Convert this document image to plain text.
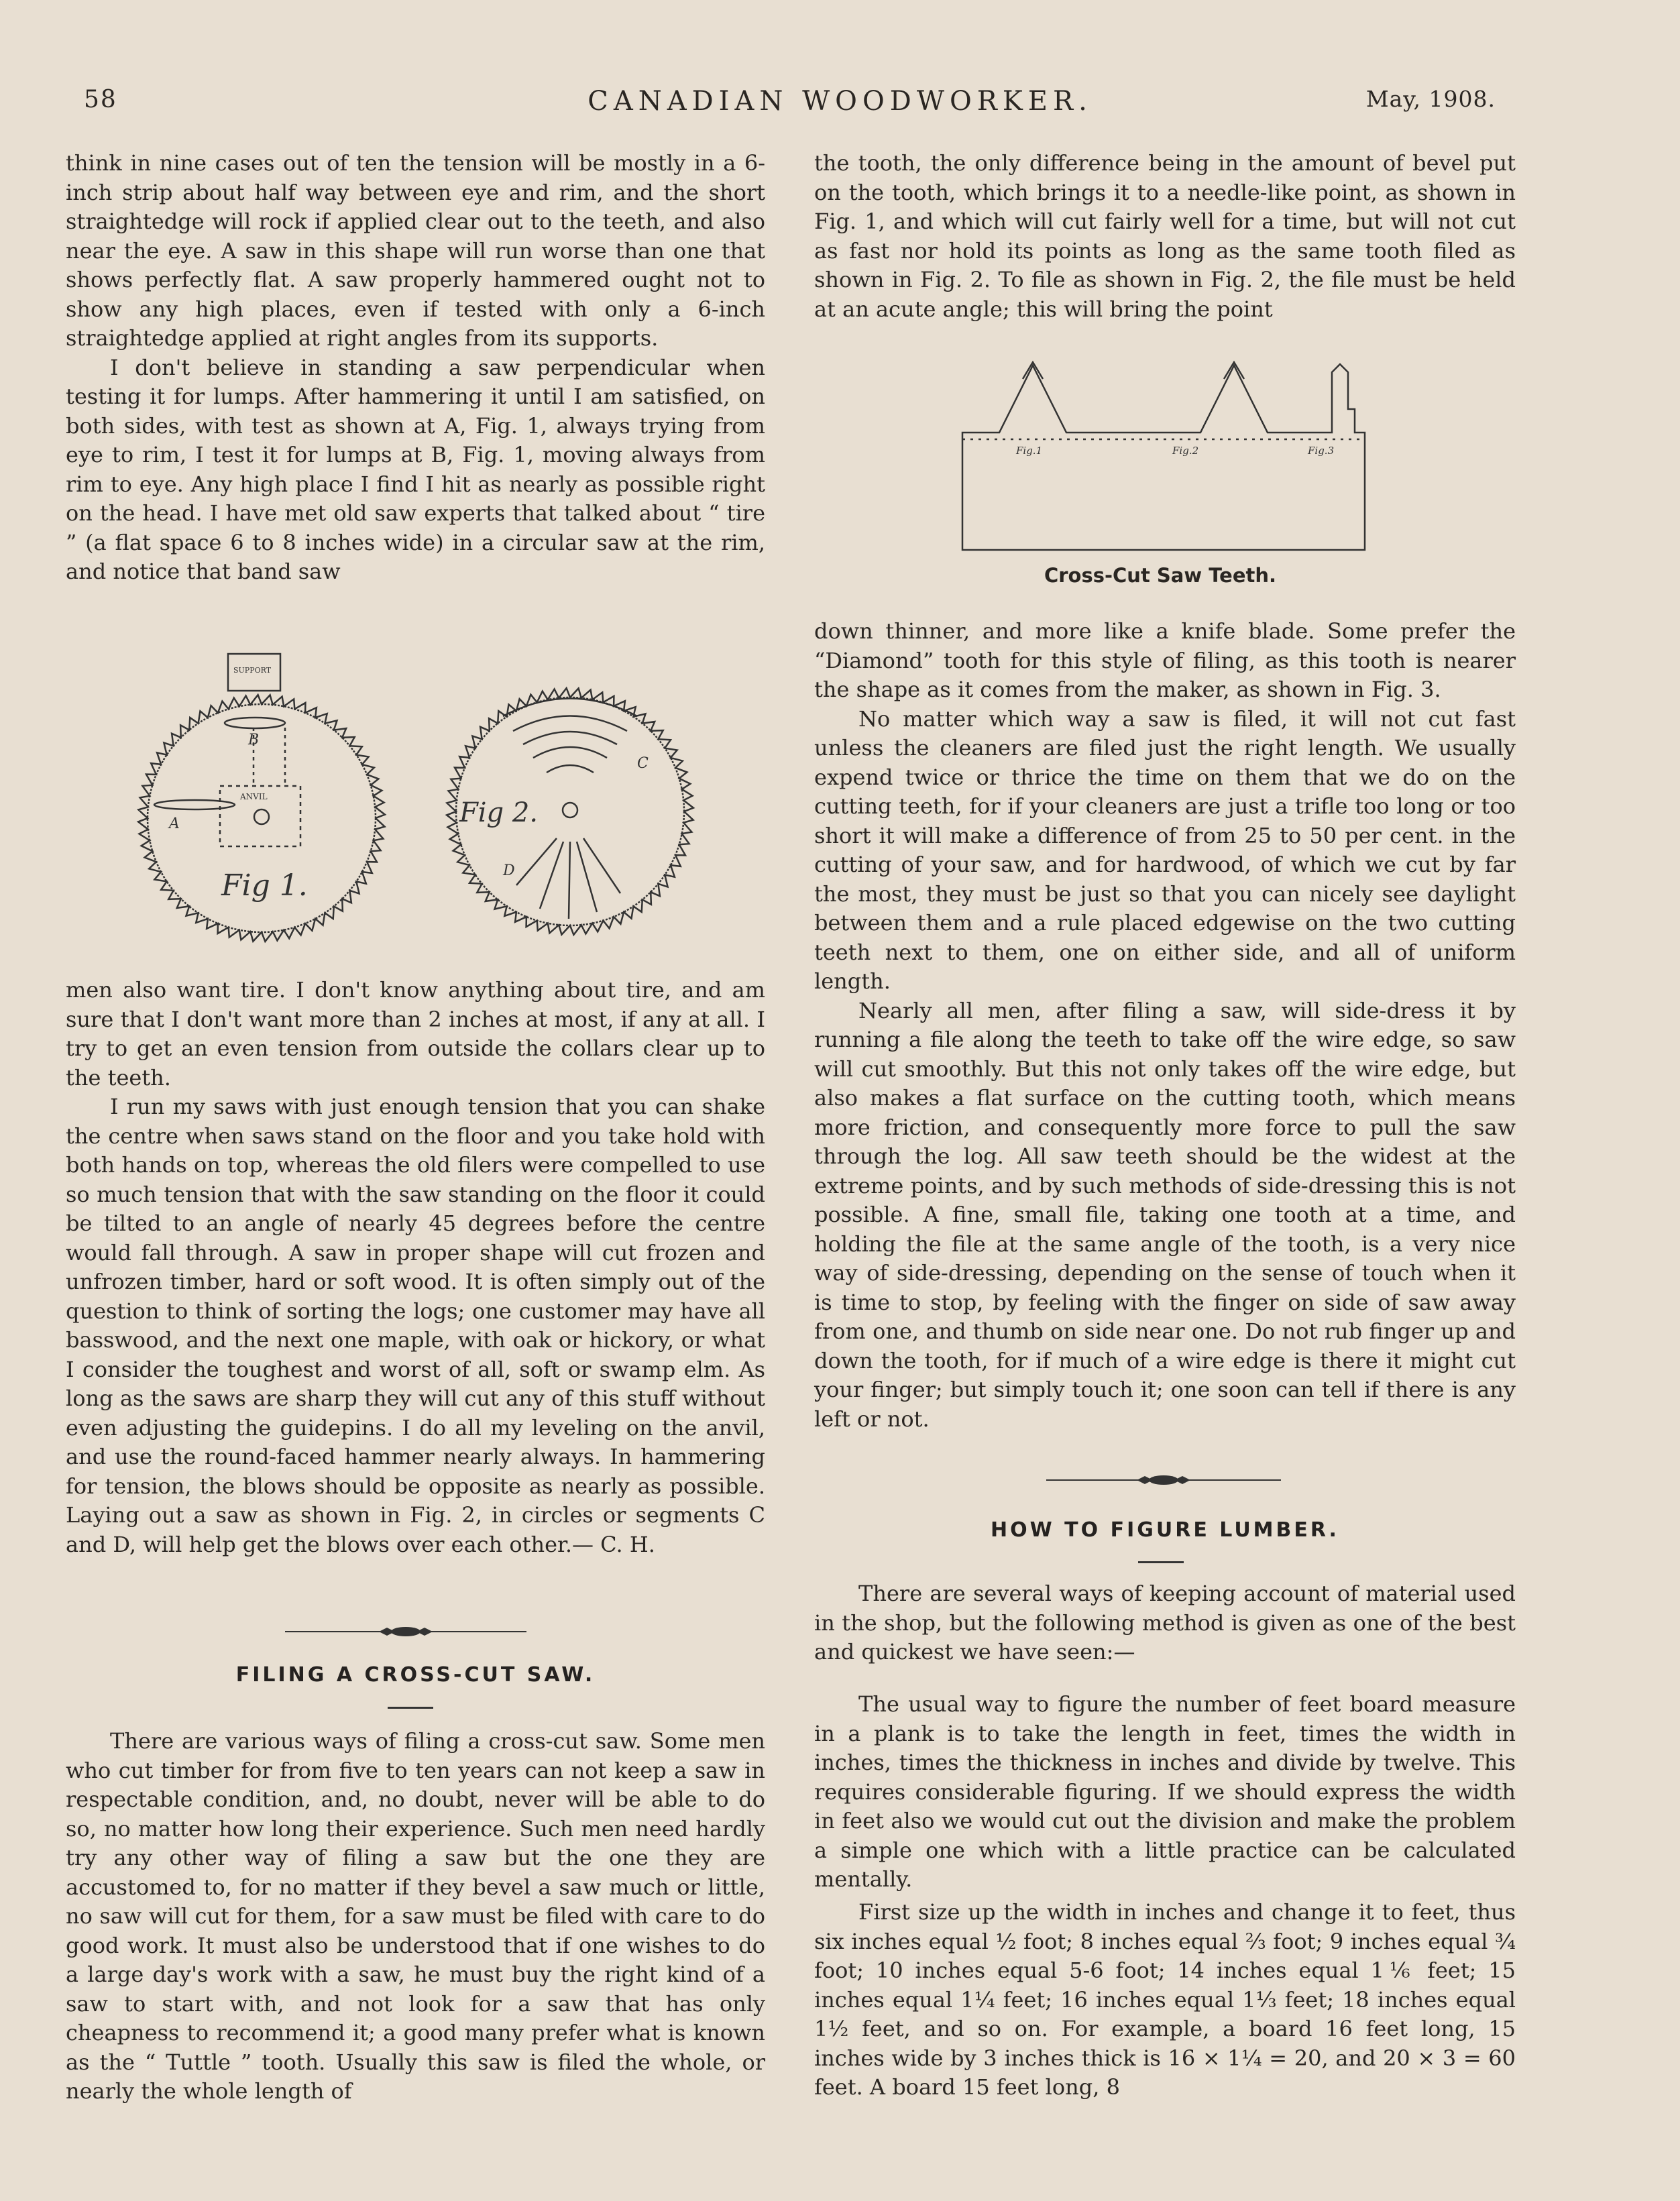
58	CANADIAN WOODWORKER.	May, 1908.

think in nine cases out of ten the tension will be mostly in a 6-inch strip about half way between eye and rim, and the short straightedge will rock if applied clear out to the teeth, and also near the eye. A saw in this shape will run worse than one that shows perfectly flat. A saw properly hammered ought not to show any high places, even if tested with only a 6-inch straightedge applied at right angles from its supports.

I don't believe in standing a saw perpendicular when testing it for lumps. After hammering it until I am satisfied, on both sides, with test as shown at A, Fig. 1, always trying from eye to rim, I test it for lumps at B, Fig. 1, moving always from rim to eye. Any high place I find I hit as nearly as possible right on the head. I have met old saw experts that talked about “ tire ” (a flat space 6 to 8 inches wide) in a circular saw at the rim, and notice that band saw

SUPPORT
B
ANVIL
A
Fig 1.
Fig 2.
C
D

men also want tire. I don't know anything about tire, and am sure that I don't want more than 2 inches at most, if any at all. I try to get an even tension from outside the collars clear up to the teeth.

I run my saws with just enough tension that you can shake the centre when saws stand on the floor and you take hold with both hands on top, whereas the old filers were compelled to use so much tension that with the saw standing on the floor it could be tilted to an angle of nearly 45 degrees before the centre would fall through. A saw in proper shape will cut frozen and unfrozen timber, hard or soft wood. It is often simply out of the question to think of sorting the logs; one customer may have all basswood, and the next one maple, with oak or hickory, or what I consider the toughest and worst of all, soft or swamp elm. As long as the saws are sharp they will cut any of this stuff without even adjusting the guidepins. I do all my leveling on the anvil, and use the round-faced hammer nearly always. In hammering for tension, the blows should be opposite as nearly as possible. Laying out a saw as shown in Fig. 2, in circles or segments C and D, will help get the blows over each other.— C. H.

FILING A CROSS-CUT SAW.

There are various ways of filing a cross-cut saw. Some men who cut timber for from five to ten years can not keep a saw in respectable condition, and, no doubt, never will be able to do so, no matter how long their experience. Such men need hardly try any other way of filing a saw but the one they are accustomed to, for no matter if they bevel a saw much or little, no saw will cut for them, for a saw must be filed with care to do good work. It must also be understood that if one wishes to do a large day's work with a saw, he must buy the right kind of a saw to start with, and not look for a saw that has only cheapness to recommend it; a good many prefer what is known as the “ Tuttle ” tooth. Usually this saw is filed the whole, or nearly the whole length of

the tooth, the only difference being in the amount of bevel put on the tooth, which brings it to a needle-like point, as shown in Fig. 1, and which will cut fairly well for a time, but will not cut as fast nor hold its points as long as the same tooth filed as shown in Fig. 2. To file as shown in Fig. 2, the file must be held at an acute angle; this will bring the point

Fig.1	Fig.2	Fig.3
Cross-Cut Saw Teeth.

down thinner, and more like a knife blade. Some prefer the “Diamond” tooth for this style of filing, as this tooth is nearer the shape as it comes from the maker, as shown in Fig. 3.

No matter which way a saw is filed, it will not cut fast unless the cleaners are filed just the right length. We usually expend twice or thrice the time on them that we do on the cutting teeth, for if your cleaners are just a trifle too long or too short it will make a difference of from 25 to 50 per cent. in the cutting of your saw, and for hardwood, of which we cut by far the most, they must be just so that you can nicely see daylight between them and a rule placed edgewise on the two cutting teeth next to them, one on either side, and all of uniform length.

Nearly all men, after filing a saw, will side-dress it by running a file along the teeth to take off the wire edge, so saw will cut smoothly. But this not only takes off the wire edge, but also makes a flat surface on the cutting tooth, which means more friction, and consequently more force to pull the saw through the log. All saw teeth should be the widest at the extreme points, and by such methods of side-dressing this is not possible. A fine, small file, taking one tooth at a time, and holding the file at the same angle of the tooth, is a very nice way of side-dressing, depending on the sense of touch when it is time to stop, by feeling with the finger on side of saw away from one, and thumb on side near one. Do not rub finger up and down the tooth, for if much of a wire edge is there it might cut your finger; but simply touch it; one soon can tell if there is any left or not.

HOW TO FIGURE LUMBER.

There are several ways of keeping account of material used in the shop, but the following method is given as one of the best and quickest we have seen:—

The usual way to figure the number of feet board measure in a plank is to take the length in feet, times the width in inches, times the thickness in inches and divide by twelve. This requires considerable figuring. If we should express the width in feet also we would cut out the division and make the problem a simple one which with a little practice can be calculated mentally.

First size up the width in inches and change it to feet, thus six inches equal ½ foot; 8 inches equal ⅔ foot; 9 inches equal ¾ foot; 10 inches equal 5-6 foot; 14 inches equal 1⅙ feet; 15 inches equal 1¼ feet; 16 inches equal 1⅓ feet; 18 inches equal 1½ feet, and so on. For example, a board 16 feet long, 15 inches wide by 3 inches thick is 16 × 1¼ = 20, and 20 × 3 = 60 feet. A board 15 feet long, 8
